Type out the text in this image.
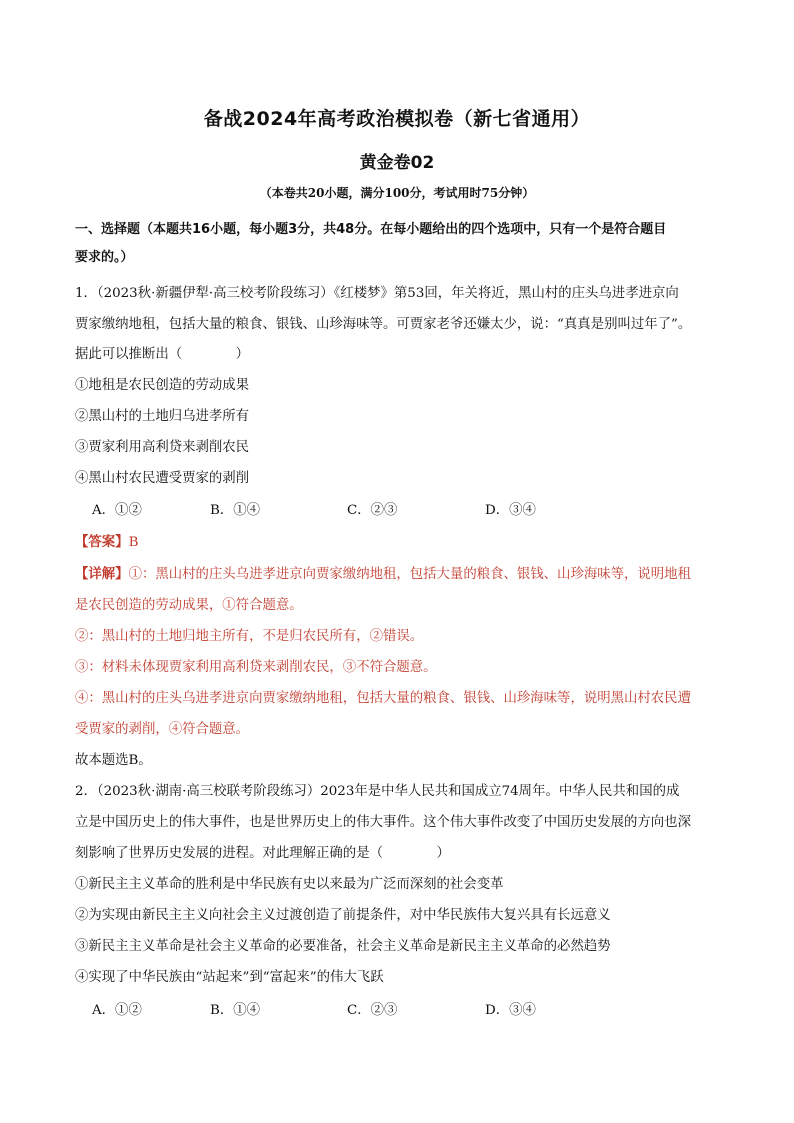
备战2024年高考政治模拟卷（新七省通用）
黄金卷02
（本卷共20小题，满分100分，考试用时75分钟）
一、选择题（本题共16小题，每小题3分，共48分。在每小题给出的四个选项中，只有一个是符合题目
要求的。）
1．（2023秋·新疆伊犁·高三校考阶段练习）《红楼梦》第53回，年关将近，黑山村的庄头乌进孝进京向
贾家缴纳地租，包括大量的粮食、银钱、山珍海味等。可贾家老爷还嫌太少，说：“真真是别叫过年了”。
据此可以推断出（　　　　）
①地租是农民创造的劳动成果
②黑山村的土地归乌进孝所有
③贾家利用高利贷来剥削农民
④黑山村农民遭受贾家的剥削
A．①②	B．①④	C．②③	D．③④
【答案】B
【详解】①：黑山村的庄头乌进孝进京向贾家缴纳地租，包括大量的粮食、银钱、山珍海味等，说明地租
是农民创造的劳动成果，①符合题意。
②：黑山村的土地归地主所有，不是归农民所有，②错误。
③：材料未体现贾家利用高利贷来剥削农民，③不符合题意。
④：黑山村的庄头乌进孝进京向贾家缴纳地租，包括大量的粮食、银钱、山珍海味等，说明黑山村农民遭
受贾家的剥削，④符合题意。
故本题选B。
2．（2023秋·湖南·高三校联考阶段练习）2023年是中华人民共和国成立74周年。中华人民共和国的成
立是中国历史上的伟大事件，也是世界历史上的伟大事件。这个伟大事件改变了中国历史发展的方向也深
刻影响了世界历史发展的进程。对此理解正确的是（　　　　）
①新民主主义革命的胜利是中华民族有史以来最为广泛而深刻的社会变革
②为实现由新民主主义向社会主义过渡创造了前提条件，对中华民族伟大复兴具有长远意义
③新民主主义革命是社会主义革命的必要准备，社会主义革命是新民主主义革命的必然趋势
④实现了中华民族由“站起来”到“富起来”的伟大飞跃
A．①②	B．①④	C．②③	D．③④
